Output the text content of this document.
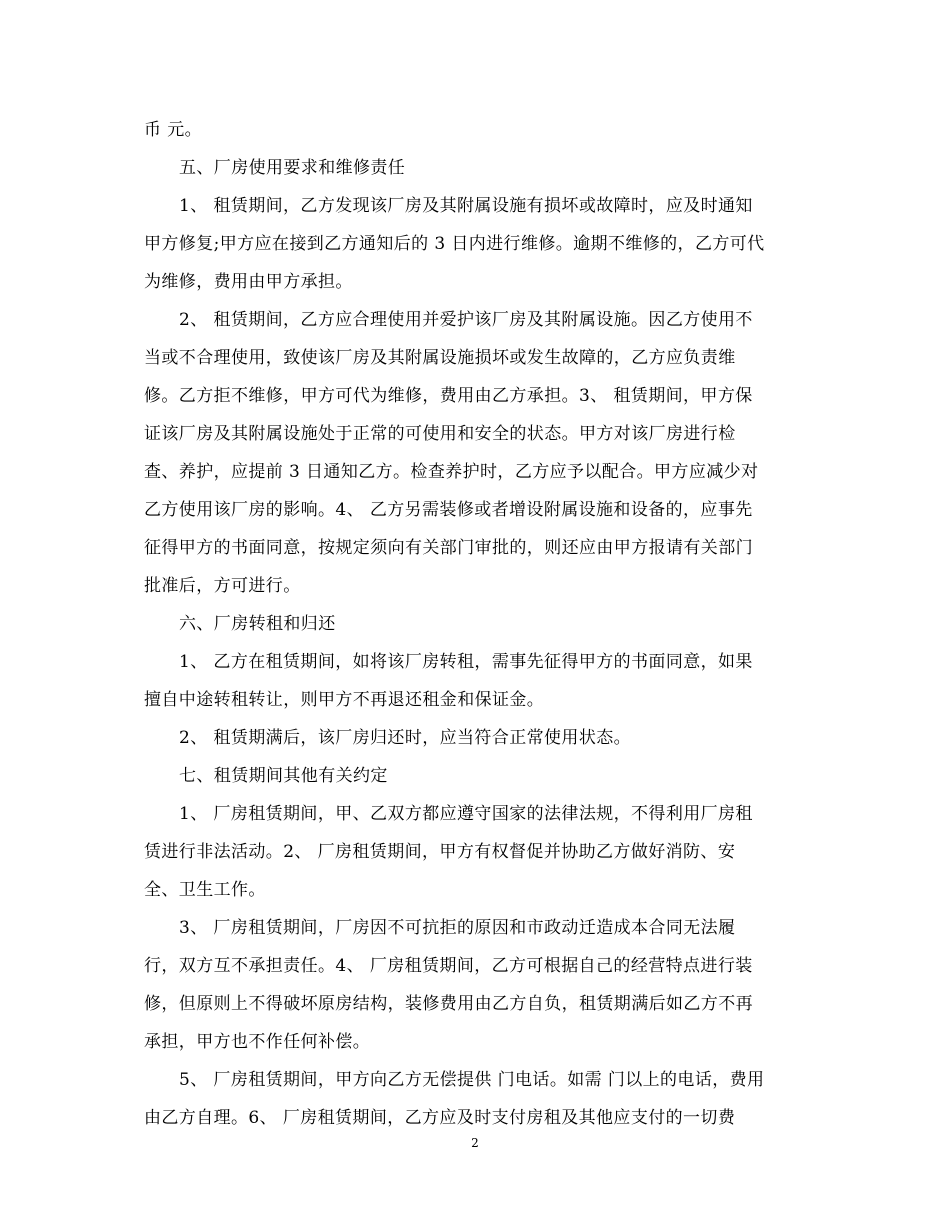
币 元。
五、厂房使用要求和维修责任
1、 租赁期间，乙方发现该厂房及其附属设施有损坏或故障时，应及时通知
甲方修复;甲方应在接到乙方通知后的 3 日内进行维修。逾期不维修的，乙方可代
为维修，费用由甲方承担。
2、 租赁期间，乙方应合理使用并爱护该厂房及其附属设施。因乙方使用不
当或不合理使用，致使该厂房及其附属设施损坏或发生故障的，乙方应负责维
修。乙方拒不维修，甲方可代为维修，费用由乙方承担。3、 租赁期间，甲方保
证该厂房及其附属设施处于正常的可使用和安全的状态。甲方对该厂房进行检
查、养护，应提前 3 日通知乙方。检查养护时，乙方应予以配合。甲方应减少对
乙方使用该厂房的影响。4、 乙方另需装修或者增设附属设施和设备的，应事先
征得甲方的书面同意，按规定须向有关部门审批的，则还应由甲方报请有关部门
批准后，方可进行。
六、厂房转租和归还
1、 乙方在租赁期间，如将该厂房转租，需事先征得甲方的书面同意，如果
擅自中途转租转让，则甲方不再退还租金和保证金。
2、 租赁期满后，该厂房归还时，应当符合正常使用状态。
七、租赁期间其他有关约定
1、 厂房租赁期间，甲、乙双方都应遵守国家的法律法规，不得利用厂房租
赁进行非法活动。2、 厂房租赁期间，甲方有权督促并协助乙方做好消防、安
全、卫生工作。
3、 厂房租赁期间，厂房因不可抗拒的原因和市政动迁造成本合同无法履
行，双方互不承担责任。4、 厂房租赁期间，乙方可根据自己的经营特点进行装
修，但原则上不得破坏原房结构，装修费用由乙方自负，租赁期满后如乙方不再
承担，甲方也不作任何补偿。
5、 厂房租赁期间，甲方向乙方无偿提供 门电话。如需 门以上的电话，费用
由乙方自理。6、 厂房租赁期间，乙方应及时支付房租及其他应支付的一切费
2
